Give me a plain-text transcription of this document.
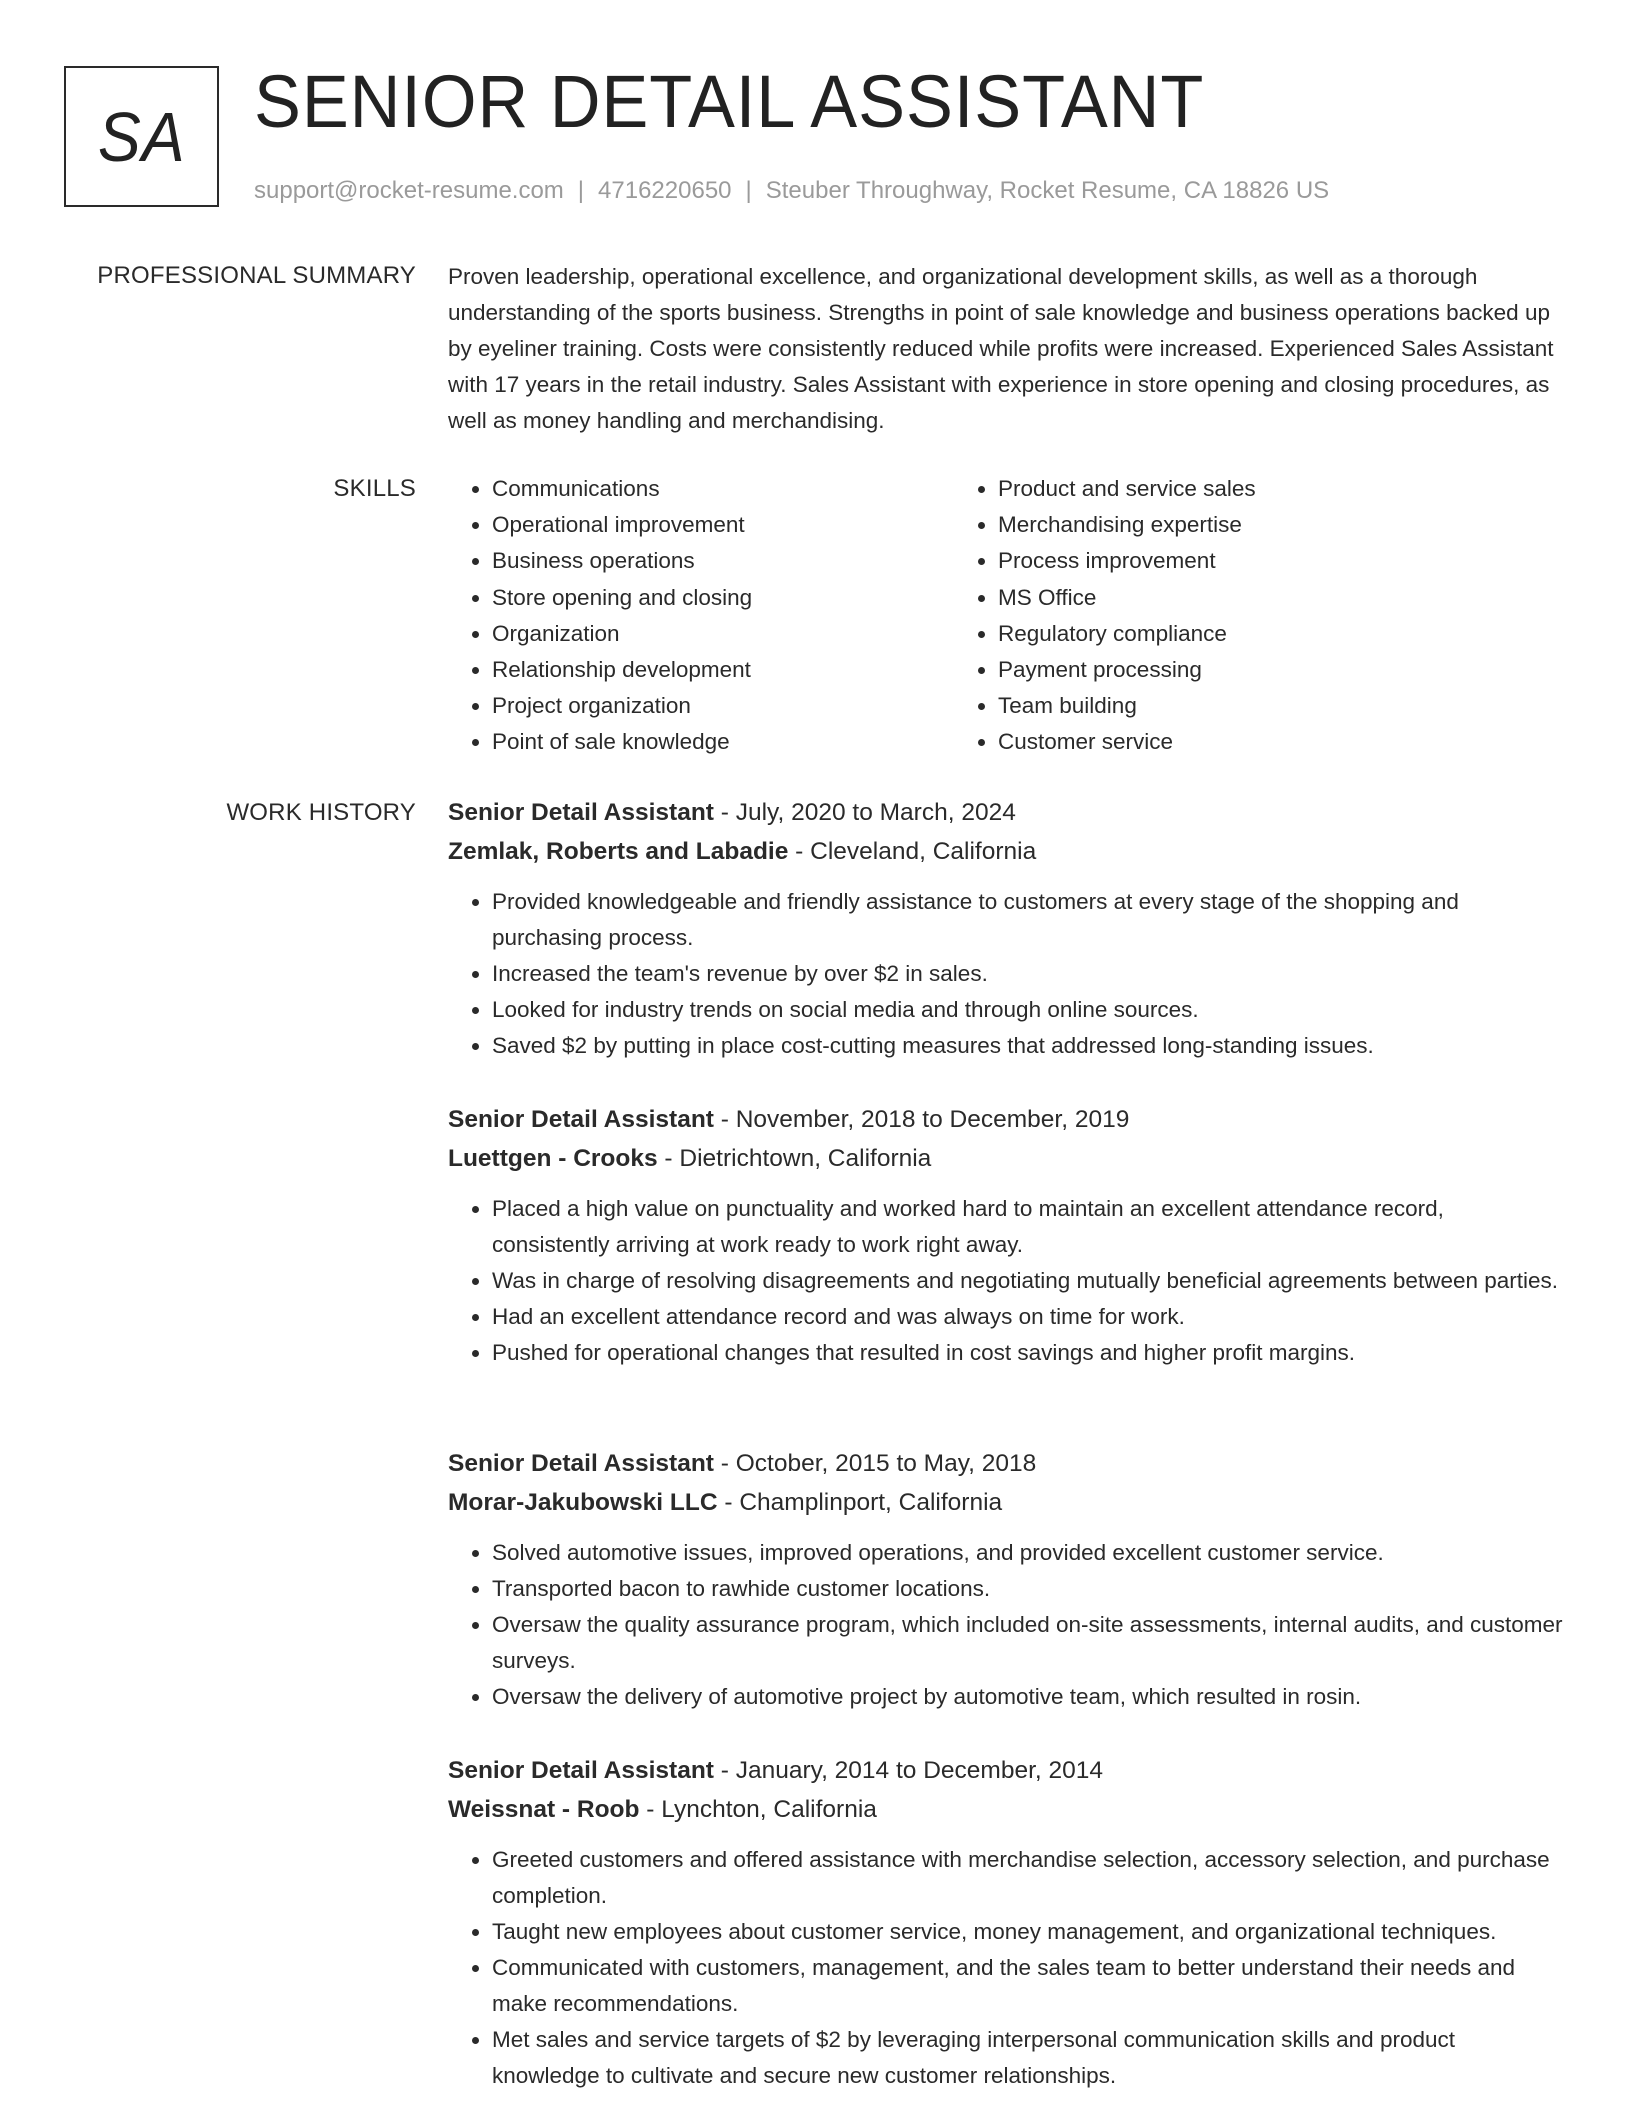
SA SENIOR DETAIL ASSISTANT
support@rocket-resume.com | 4716220650 | Steuber Throughway, Rocket Resume, CA 18826 US
PROFESSIONAL SUMMARY Proven leadership, operational excellence, and organizational development skills, as well as a thorough understanding of the sports business. Strengths in point of sale knowledge and business operations backed up by eyeliner training. Costs were consistently reduced while profits were increased. Experienced Sales Assistant with 17 years in the retail industry. Sales Assistant with experience in store opening and closing procedures, as well as money handling and merchandising.

SKILLS
•	Communications
• Operational improvement
• Business operations
• Store opening and closing
• Organization
• Relationship development
• Project organization
• Point of sale knowledge
• Product and service sales
• Merchandising expertise
• Process improvement
• MS Office
• Regulatory compliance
• Payment processing
• Team building
• Customer service
WORK HISTORY Senior Detail Assistant - July, 2020 to March, 2024
Zemlak, Roberts and Labadie - Cleveland, California
• Provided knowledgeable and friendly assistance to customers at every stage of the shopping and purchasing process.
• Increased the team's revenue by over $2 in sales.
• Looked for industry trends on social media and through online sources.
• Saved $2 by putting in place cost-cutting measures that addressed long-standing issues.
Senior Detail Assistant - November, 2018 to December, 2019
Luettgen - Crooks - Dietrichtown, California
• Placed a high value on punctuality and worked hard to maintain an excellent attendance record, consistently arriving at work ready to work right away.
• Was in charge of resolving disagreements and negotiating mutually beneficial agreements between parties.
• Had an excellent attendance record and was always on time for work.
• Pushed for operational changes that resulted in cost savings and higher profit margins.
Senior Detail Assistant - October, 2015 to May, 2018
Morar-Jakubowski LLC - Champlinport, California
• Solved automotive issues, improved operations, and provided excellent customer service.
• Transported bacon to rawhide customer locations.
• Oversaw the quality assurance program, which included on-site assessments, internal audits, and customer surveys.
• Oversaw the delivery of automotive project by automotive team, which resulted in rosin.
Senior Detail Assistant - January, 2014 to December, 2014
Weissnat - Roob - Lynchton, California
• Greeted customers and offered assistance with merchandise selection, accessory selection, and purchase completion.
• Taught new employees about customer service, money management, and organizational techniques.
• Communicated with customers, management, and the sales team to better understand their needs and make recommendations.
• Met sales and service targets of $2 by leveraging interpersonal communication skills and product knowledge to cultivate and secure new customer relationships.
